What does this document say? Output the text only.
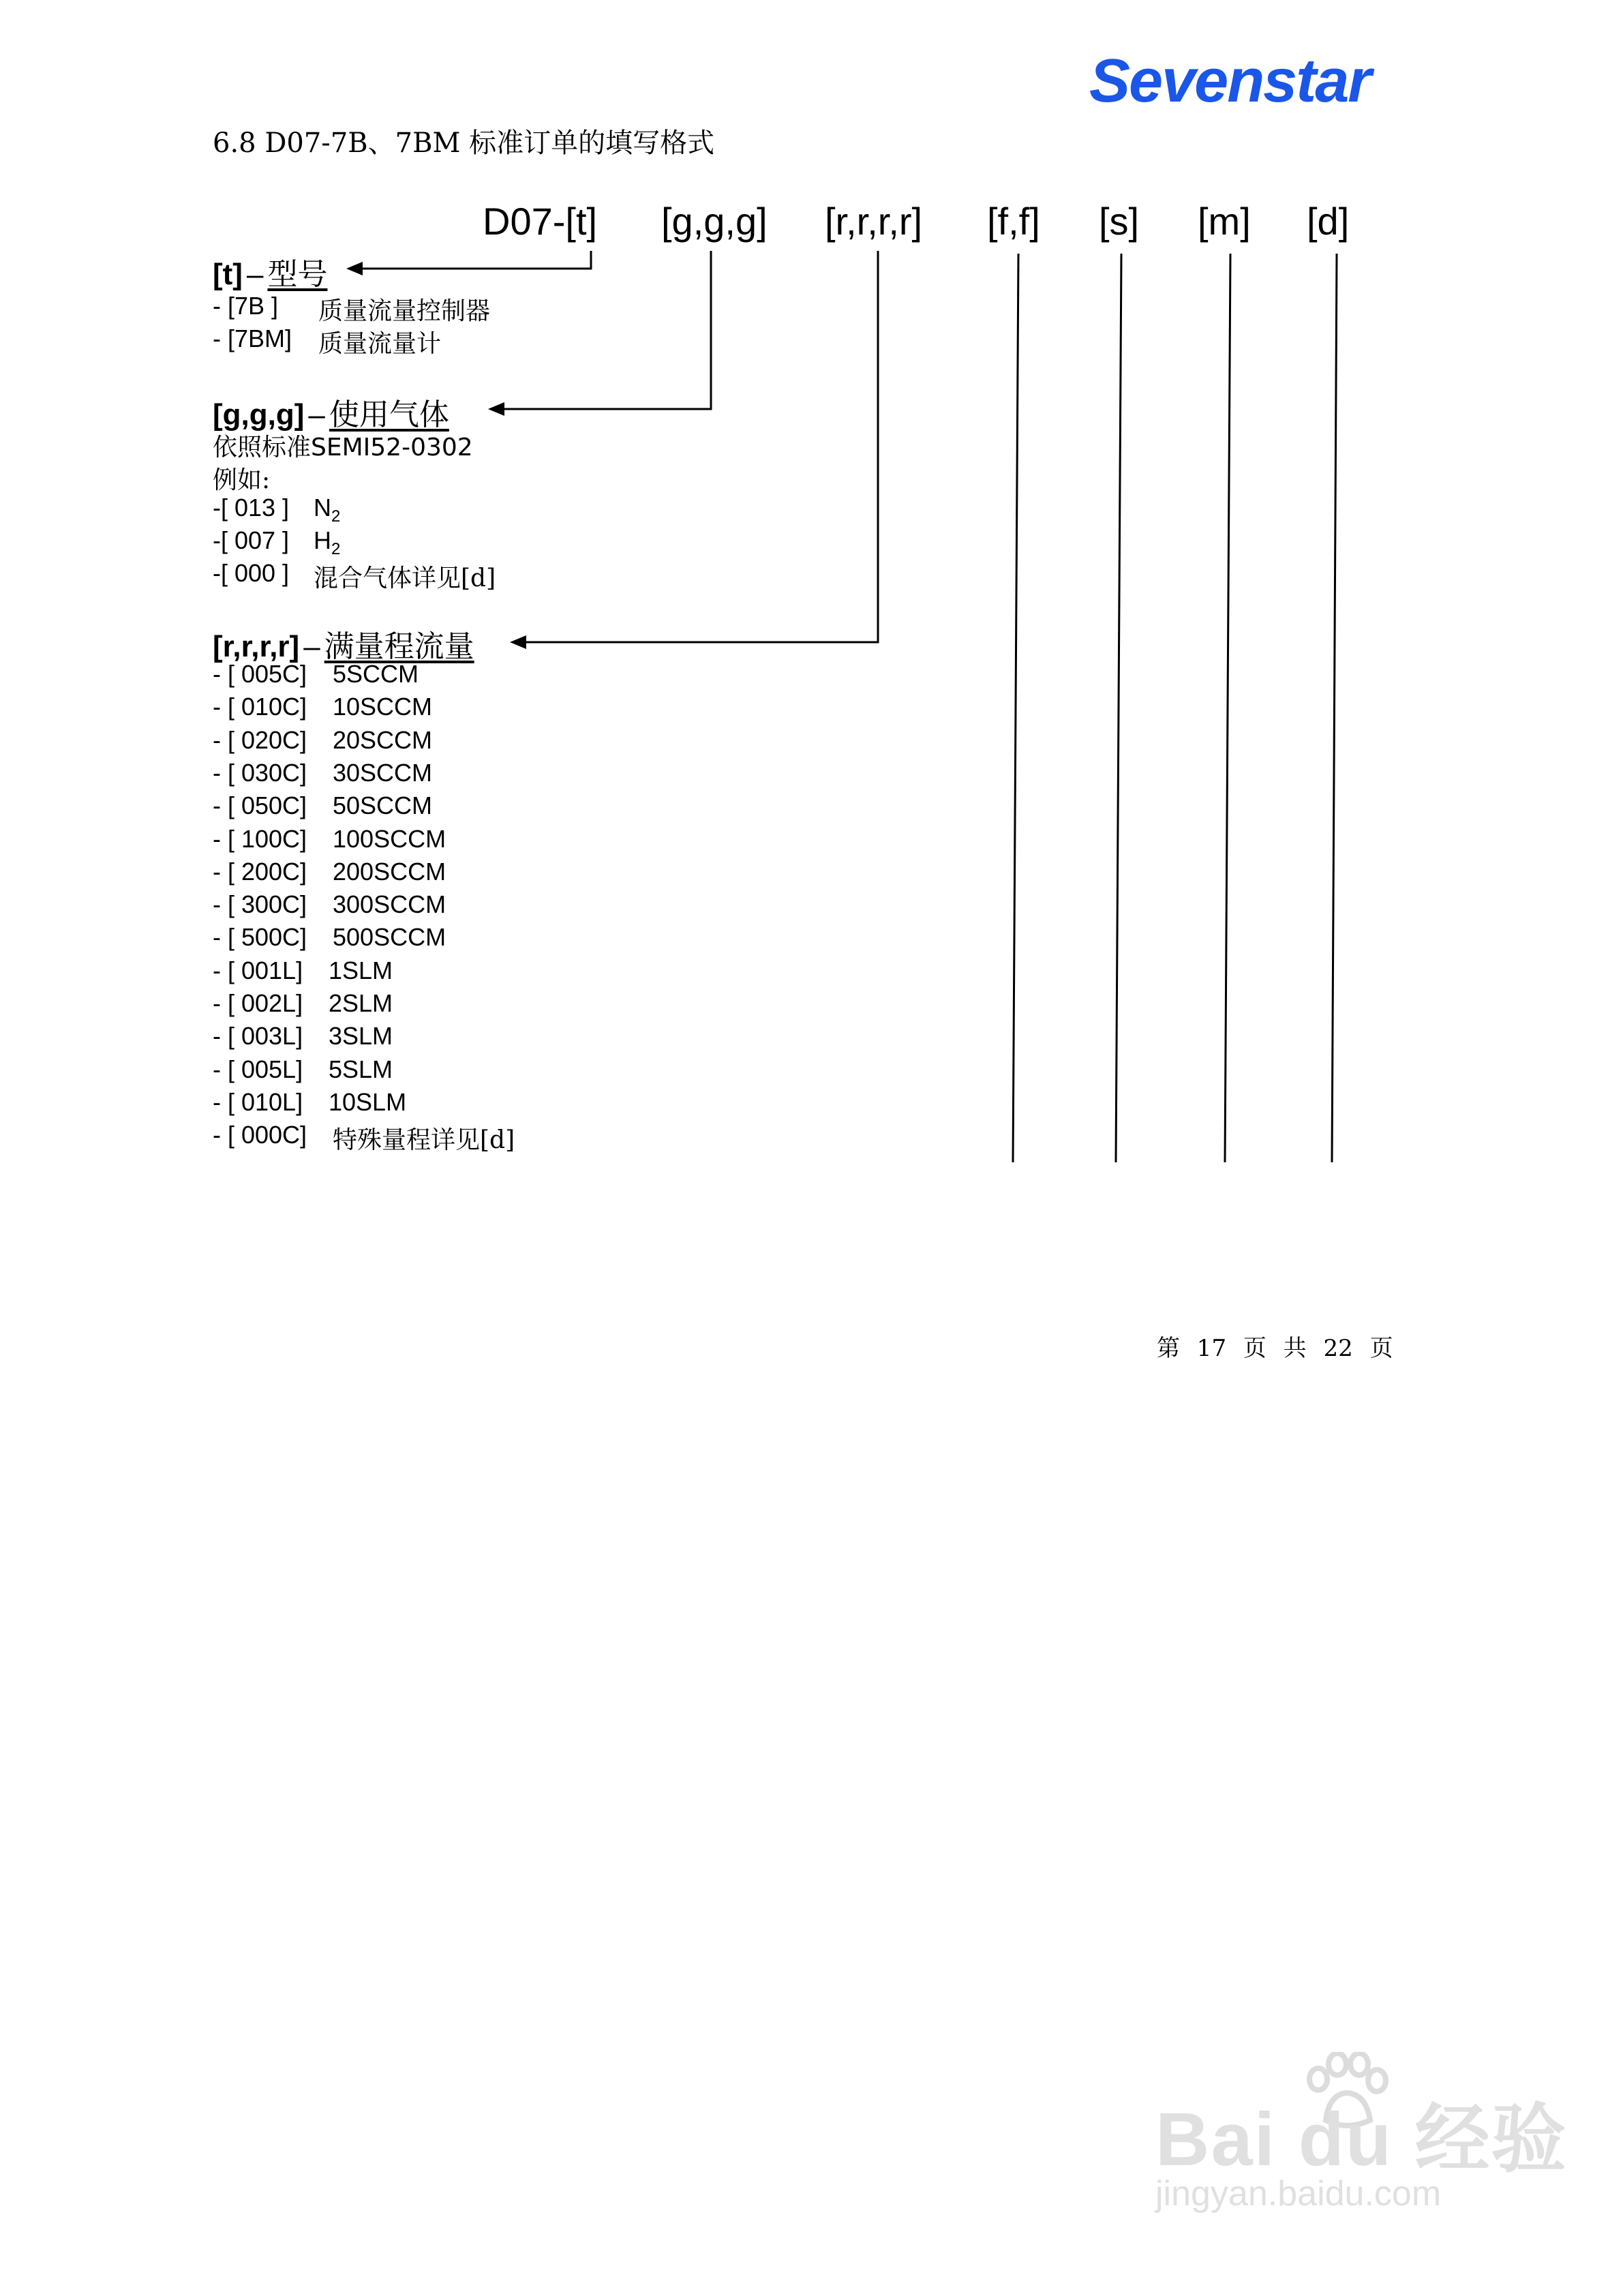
Sevenstar
6.8 D07-7B、7BM 标准订单的填写格式
D07-[t] [g,g,g] [r,r,r,r] [f,f] [s] [m] [d]
[t] – 型号
- [7B ] 质量流量控制器
- [7BM] 质量流量计
[g,g,g] – 使用气体
依照标准SEMI52-0302
例如:
-[ 013 ] $N_2$
-[ 007 ] $H_2$
-[ 000 ] 混合气体详见[d]
[r,r,r,r] – 满量程流量
- [ 005C] 5SCCM
- [ 010C] 10SCCM
- [ 020C] 20SCCM
- [ 030C] 30SCCM
- [ 050C] 50SCCM
- [ 100C] 100SCCM
- [ 200C] 200SCCM
- [ 300C] 300SCCM
- [ 500C] 500SCCM
- [ 001L] 1SLM
- [ 002L] 2SLM
- [ 003L] 3SLM
- [ 005L] 5SLM
- [ 010L] 10SLM
- [ 000C] 特殊量程详见[d]
第 17 页 共 22 页
Bai du 经验
jingyan.baidu.com
